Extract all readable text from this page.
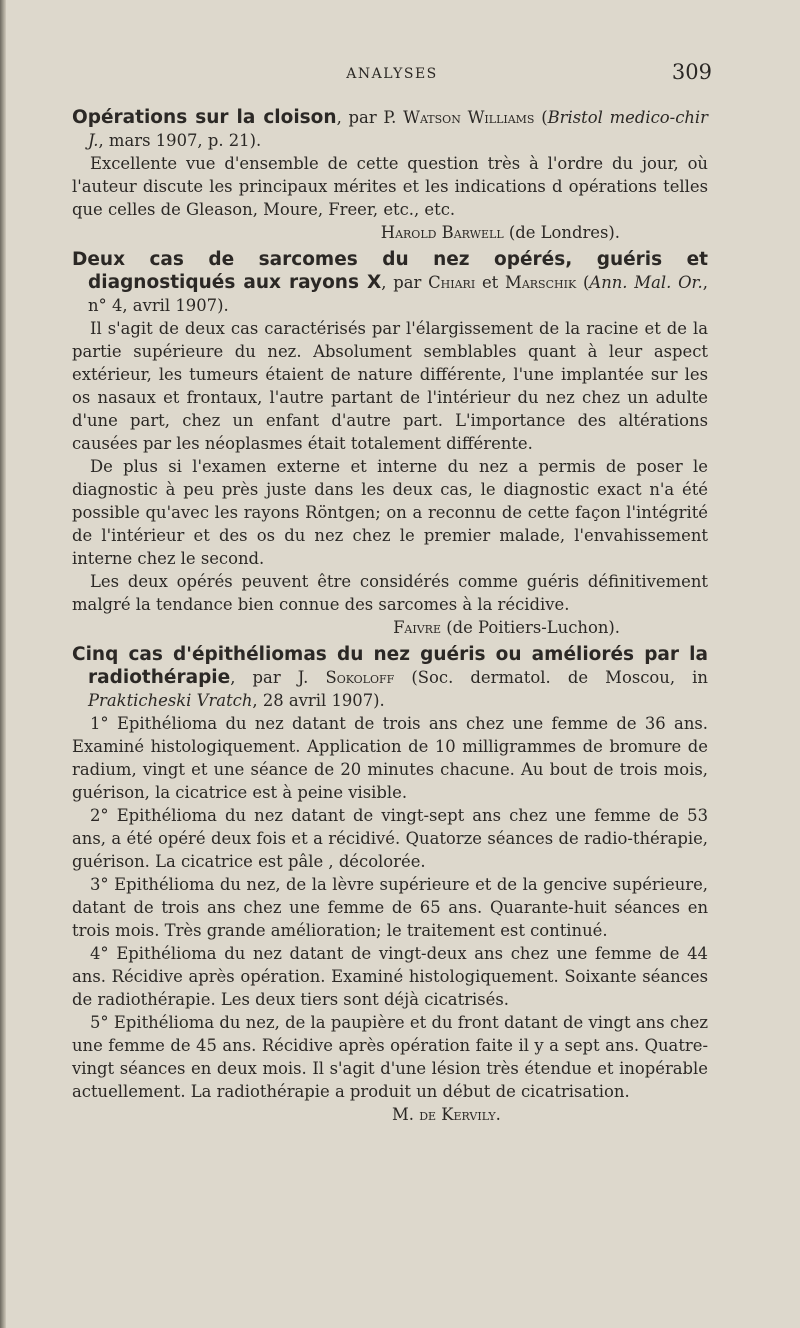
ANALYSES	309

Opérations sur la cloison, par P. Watson Williams (Bristol medico-chir J., mars 1907, p. 21).

Excellente vue d'ensemble de cette question très à l'ordre du jour, où l'auteur discute les principaux mérites et les indications d opérations telles que celles de Gleason, Moure, Freer, etc., etc.

Harold Barwell (de Londres).

Deux cas de sarcomes du nez opérés, guéris et diagnostiqués aux rayons X, par Chiari et Marschik (Ann. Mal. Or., n° 4, avril 1907).

Il s'agit de deux cas caractérisés par l'élargissement de la racine et de la partie supérieure du nez. Absolument semblables quant à leur aspect extérieur, les tumeurs étaient de nature différente, l'une implantée sur les os nasaux et frontaux, l'autre partant de l'intérieur du nez chez un adulte d'une part, chez un enfant d'autre part. L'importance des altérations causées par les néoplasmes était totalement différente.

De plus si l'examen externe et interne du nez a permis de poser le diagnostic à peu près juste dans les deux cas, le diagnostic exact n'a été possible qu'avec les rayons Röntgen; on a reconnu de cette façon l'intégrité de l'intérieur et des os du nez chez le premier malade, l'envahissement interne chez le second.

Les deux opérés peuvent être considérés comme guéris définitivement malgré la tendance bien connue des sarcomes à la récidive.

Faivre (de Poitiers-Luchon).

Cinq cas d'épithéliomas du nez guéris ou améliorés par la radiothérapie, par J. Sokoloff (Soc. dermatol. de Moscou, in Prakticheski Vratch, 28 avril 1907).

1° Epithélioma du nez datant de trois ans chez une femme de 36 ans. Examiné histologiquement. Application de 10 milligrammes de bromure de radium, vingt et une séance de 20 minutes chacune. Au bout de trois mois, guérison, la cicatrice est à peine visible.

2° Epithélioma du nez datant de vingt-sept ans chez une femme de 53 ans, a été opéré deux fois et a récidivé. Quatorze séances de radio-thérapie, guérison. La cicatrice est pâle , décolorée.

3° Epithélioma du nez, de la lèvre supérieure et de la gencive supérieure, datant de trois ans chez une femme de 65 ans. Quarante-huit séances en trois mois. Très grande amélioration; le traitement est continué.

4° Epithélioma du nez datant de vingt-deux ans chez une femme de 44 ans. Récidive après opération. Examiné histologiquement. Soixante séances de radiothérapie. Les deux tiers sont déjà cicatrisés.

5° Epithélioma du nez, de la paupière et du front datant de vingt ans chez une femme de 45 ans. Récidive après opération faite il y a sept ans. Quatre-vingt séances en deux mois. Il s'agit d'une lésion très étendue et inopérable actuellement. La radiothérapie a produit un début de cicatrisation.

M. de Kervily.
